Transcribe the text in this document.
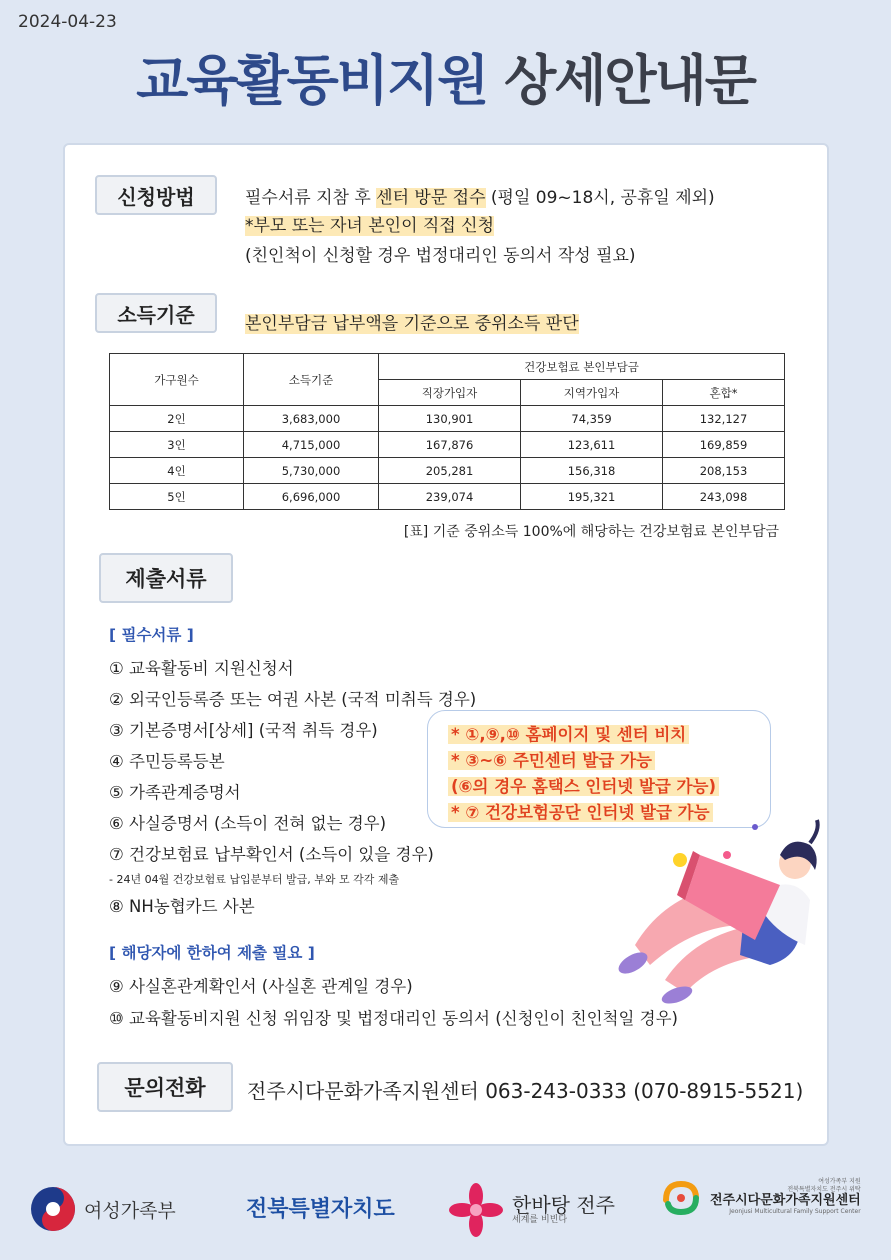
2024-04-23
교육활동비지원 상세안내문
신청방법	필수서류 지참 후 센터 방문 접수 (평일 09~18시, 공휴일 제외)
*부모 또는 자녀 본인이 직접 신청
(친인척이 신청할 경우 법정대리인 동의서 작성 필요)
소득기준	본인부담금 납부액을 기준으로 중위소득 판단
가구원수	소득기준	건강보험료 본인부담금		
		직장가입자	지역가입자	혼합*
2인	3,683,000	130,901	74,359	132,127
3인	4,715,000	167,876	123,611	169,859
4인	5,730,000	205,281	156,318	208,153
5인	6,696,000	239,074	195,321	243,098
[표] 기준 중위소득 100%에 해당하는 건강보험료 본인부담금
제출서류
[ 필수서류 ]
① 교육활동비 지원신청서
② 외국인등록증 또는 여권 사본 (국적 미취득 경우)
③ 기본증명서[상세] (국적 취득 경우)
④ 주민등록등본
⑤ 가족관계증명서
⑥ 사실증명서 (소득이 전혀 없는 경우)
⑦ 건강보험료 납부확인서 (소득이 있을 경우)
- 24년 04월 건강보험료 납입분부터 발급, 부와 모 각각 제출
⑧ NH농협카드 사본
[ 해당자에 한하여 제출 필요 ]
⑨ 사실혼관계확인서 (사실혼 관계일 경우)
⑩ 교육활동비지원 신청 위임장 및 법정대리인 동의서 (신청인이 친인척일 경우)
* ①,⑨,⑩ 홈페이지 및 센터 비치
* ③~⑥ 주민센터 발급 가능
(⑥의 경우 홈택스 인터넷 발급 가능)
* ⑦ 건강보험공단 인터넷 발급 가능
문의전화	전주시다문화가족지원센터 063-243-0333 (070-8915-5521)
여성가족부	전북 특별자치도	한바탕 전주
세계를 비빈다
여성가족부 지원
전북특별자치도 전주시 위탁
전주시다문화가족지원센터
Jeonjusi Multicultural Family Support Center
